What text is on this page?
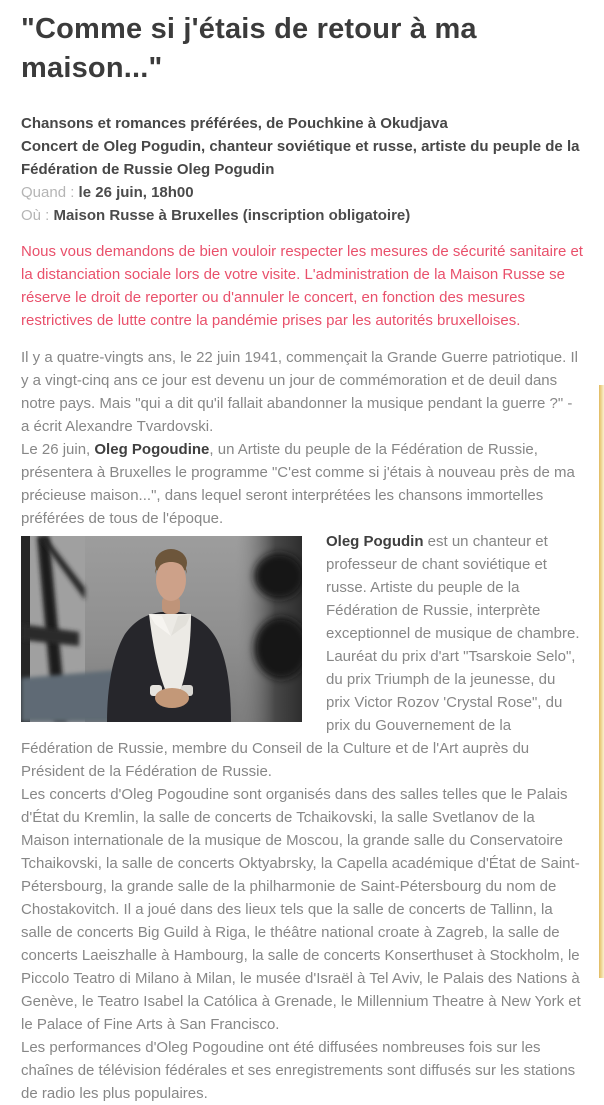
"Comme si j'étais de retour à ma maison..."

Chansons et romances préférées, de Pouchkine à Okudjava
Concert de Oleg Pogudin, chanteur soviétique et russe, artiste du peuple de la Fédération de Russie Oleg Pogudin

Quand : le 26 juin, 18h00

Où : Maison Russe à Bruxelles (inscription obligatoire)

Nous vous demandons de bien vouloir respecter les mesures de sécurité sanitaire et la distanciation sociale lors de votre visite. L'administration de la Maison Russe se réserve le droit de reporter ou d'annuler le concert, en fonction des mesures restrictives de lutte contre la pandémie prises par les autorités bruxelloises.

Il y a quatre-vingts ans, le 22 juin 1941, commençait la Grande Guerre patriotique. Il y a vingt-cinq ans ce jour est devenu un jour de commémoration et de deuil dans notre pays. Mais "qui a dit qu'il fallait abandonner la musique pendant la guerre ?" - a écrit Alexandre Tvardovski.

Le 26 juin, Oleg Pogoudine, un Artiste du peuple de la Fédération de Russie, présentera à Bruxelles le programme "C'est comme si j'étais à nouveau près de ma précieuse maison...", dans lequel seront interprétées les chansons immortelles préférées de tous de l'époque.

Oleg Pogudin est un chanteur et professeur de chant soviétique et russe. Artiste du peuple de la Fédération de Russie, interprète exceptionnel de musique de chambre. Lauréat du prix d'art "Tsarskoie Selo", du prix Triumph de la jeunesse, du prix Victor Rozov 'Crystal Rose", du prix du Gouvernement de la Fédération de Russie, membre du Conseil de la Culture et de l'Art auprès du Président de la Fédération de Russie.

Les concerts d'Oleg Pogoudine sont organisés dans des salles telles que le Palais d'État du Kremlin, la salle de concerts de Tchaikovski, la salle Svetlanov de la Maison internationale de la musique de Moscou, la grande salle du Conservatoire Tchaikovski, la salle de concerts Oktyabrsky, la Capella académique d'État de Saint-Pétersbourg, la grande salle de la philharmonie de Saint-Pétersbourg du nom de Chostakovitch. Il a joué dans des lieux tels que la salle de concerts de Tallinn, la salle de concerts Big Guild à Riga, le théâtre national croate à Zagreb, la salle de concerts Laeiszhalle à Hambourg, la salle de concerts Konserthuset à Stockholm, le Piccolo Teatro di Milano à Milan, le musée d'Israël à Tel Aviv, le Palais des Nations à Genève, le Teatro Isabel la Católica à Grenade, le Millennium Theatre à New York et le Palace of Fine Arts à San Francisco.

Les performances d'Oleg Pogoudine ont été diffusées nombreuses fois sur les chaînes de télévision fédérales et ses enregistrements sont diffusés sur les stations de radio les plus populaires.
